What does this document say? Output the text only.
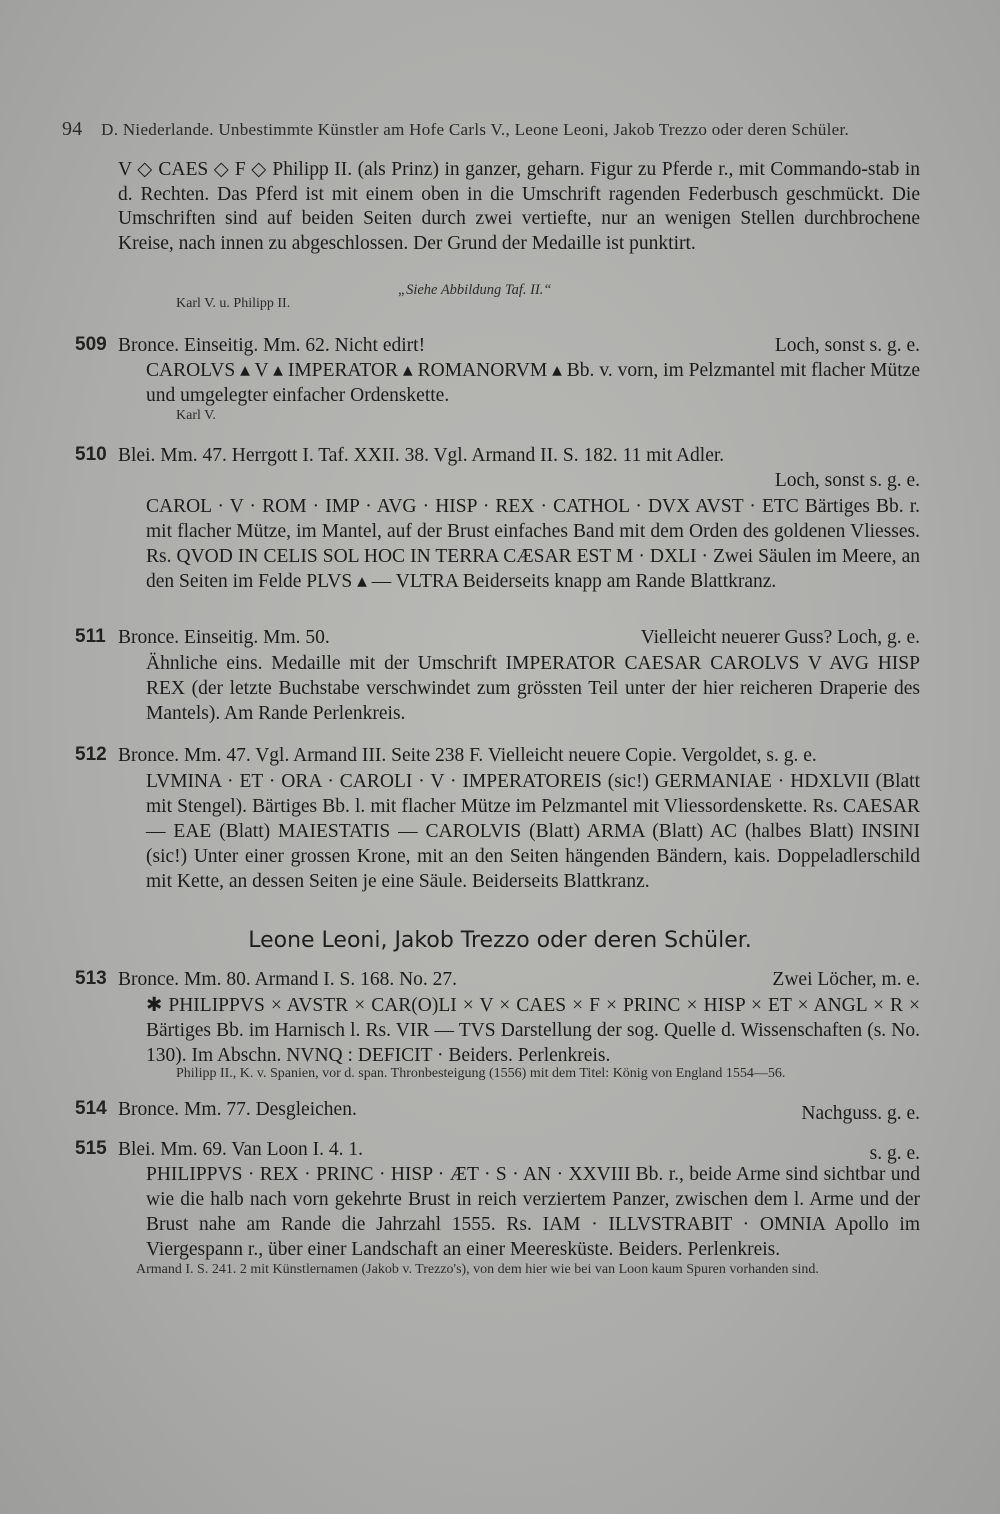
94 D. Niederlande. Unbestimmte Künstler am Hofe Carls V., Leone Leoni, Jakob Trezzo oder deren Schüler.

V ◇ CAES ◇ F ◇ Philipp II. (als Prinz) in ganzer, geharn. Figur zu Pferde r., mit Commando-stab in d. Rechten. Das Pferd ist mit einem oben in die Umschrift ragenden Federbusch geschmückt. Die Umschriften sind auf beiden Seiten durch zwei vertiefte, nur an wenigen Stellen durchbrochene Kreise, nach innen zu abgeschlossen. Der Grund der Medaille ist punktirt.

„Siehe Abbildung Taf. II.“
Karl V. u. Philipp II.
509 Bronce. Einseitig. Mm. 62. Nicht edirt!	Loch, sonst s. g. e.

CAROLVS ▴ V ▴ IMPERATOR ▴ ROMANORVM ▴ Bb. v. vorn, im Pelzmantel mit flacher Mütze und umgelegter einfacher Ordenskette.

Karl V.
510 Blei. Mm. 47. Herrgott I. Taf. XXII. 38. Vgl. Armand II. S. 182. 11 mit Adler.
Loch, sonst s. g. e.

CAROL · V · ROM · IMP · AVG · HISP · REX · CATHOL · DVX AVST · ETC Bärtiges Bb. r. mit flacher Mütze, im Mantel, auf der Brust einfaches Band mit dem Orden des goldenen Vliesses. Rs. QVOD IN CELIS SOL HOC IN TERRA CÆSAR EST M · DXLI · Zwei Säulen im Meere, an den Seiten im Felde PLVS ▴ — VLTRA Beiderseits knapp am Rande Blattkranz.

511 Bronce. Einseitig. Mm. 50.	Vielleicht neuerer Guss? Loch, g. e.

Ähnliche eins. Medaille mit der Umschrift IMPERATOR CAESAR CAROLVS V AVG HISP REX (der letzte Buchstabe verschwindet zum grössten Teil unter der hier reicheren Draperie des Mantels). Am Rande Perlenkreis.

512 Bronce. Mm. 47. Vgl. Armand III. Seite 238 F. Vielleicht neuere Copie. Vergoldet, s. g. e.

LVMINA · ET · ORA · CAROLI · V · IMPERATOREIS (sic!) GERMANIAE · HDXLVII (Blatt mit Stengel). Bärtiges Bb. l. mit flacher Mütze im Pelzmantel mit Vliessordenskette. Rs. CAESAR — EAE (Blatt) MAIESTATIS — CAROLVIS (Blatt) ARMA (Blatt) AC (halbes Blatt) INSINI (sic!) Unter einer grossen Krone, mit an den Seiten hängenden Bändern, kais. Doppeladlerschild mit Kette, an dessen Seiten je eine Säule. Beiderseits Blattkranz.

Leone Leoni, Jakob Trezzo oder deren Schüler.
513 Bronce. Mm. 80. Armand I. S. 168. No. 27.	Zwei Löcher, m. e.

✱ PHILIPPVS × AVSTR × CAR(O)LI × V × CAES × F × PRINC × HISP × ET × ANGL × R × Bärtiges Bb. im Harnisch l. Rs. VIR — TVS Darstellung der sog. Quelle d. Wissenschaften (s. No. 130). Im Abschn. NVNQ : DEFICIT · Beiders. Perlenkreis.

Philipp II., K. v. Spanien, vor d. span. Thronbesteigung (1556) mit dem Titel: König von England 1554—56.
514 Bronce. Mm. 77. Desgleichen.	Nachguss. g. e.
515 Blei. Mm. 69. Van Loon I. 4. 1.	s. g. e.

PHILIPPVS · REX · PRINC · HISP · ÆT · S · AN · XXVIII Bb. r., beide Arme sind sichtbar und wie die halb nach vorn gekehrte Brust in reich verziertem Panzer, zwischen dem l. Arme und der Brust nahe am Rande die Jahrzahl 1555. Rs. IAM · ILLVSTRABIT · OMNIA Apollo im Viergespann r., über einer Landschaft an einer Meeresküste. Beiders. Perlenkreis.

Armand I. S. 241. 2 mit Künstlernamen (Jakob v. Trezzo's), von dem hier wie bei van Loon kaum Spuren vorhanden sind.
